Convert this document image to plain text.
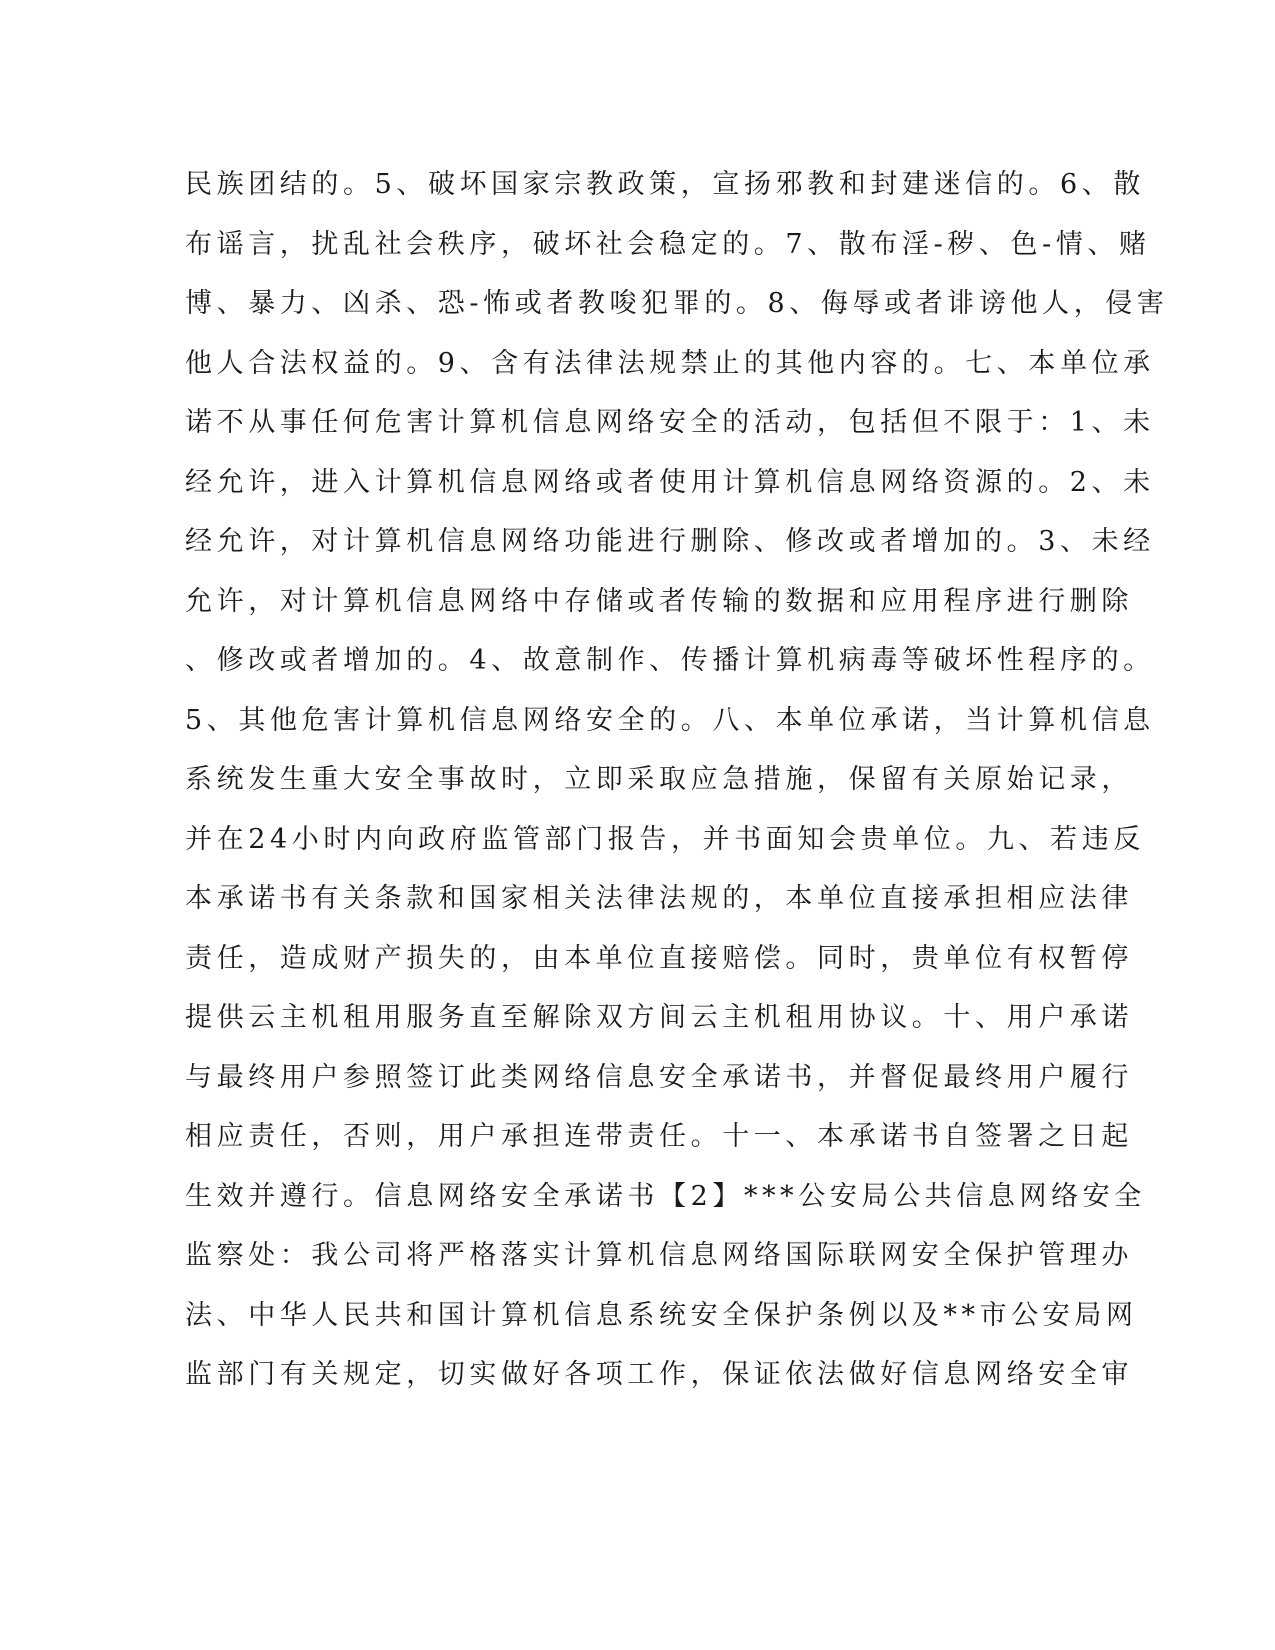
民族团结的。5、破坏国家宗教政策，宣扬邪教和封建迷信的。6、散
布谣言，扰乱社会秩序，破坏社会稳定的。7、散布淫-秽、色-情、赌
博、暴力、凶杀、恐-怖或者教唆犯罪的。8、侮辱或者诽谤他人，侵害
他人合法权益的。9、含有法律法规禁止的其他内容的。七、本单位承
诺不从事任何危害计算机信息网络安全的活动，包括但不限于：1、未
经允许，进入计算机信息网络或者使用计算机信息网络资源的。2、未
经允许，对计算机信息网络功能进行删除、修改或者增加的。3、未经
允许，对计算机信息网络中存储或者传输的数据和应用程序进行删除
、修改或者增加的。4、故意制作、传播计算机病毒等破坏性程序的。
5、其他危害计算机信息网络安全的。八、本单位承诺，当计算机信息
系统发生重大安全事故时，立即采取应急措施，保留有关原始记录，
并在24小时内向政府监管部门报告，并书面知会贵单位。九、若违反
本承诺书有关条款和国家相关法律法规的，本单位直接承担相应法律
责任，造成财产损失的，由本单位直接赔偿。同时，贵单位有权暂停
提供云主机租用服务直至解除双方间云主机租用协议。十、用户承诺
与最终用户参照签订此类网络信息安全承诺书，并督促最终用户履行
相应责任，否则，用户承担连带责任。十一、本承诺书自签署之日起
生效并遵行。信息网络安全承诺书【2】***公安局公共信息网络安全
监察处：我公司将严格落实计算机信息网络国际联网安全保护管理办
法、中华人民共和国计算机信息系统安全保护条例以及**市公安局网
监部门有关规定，切实做好各项工作，保证依法做好信息网络安全审
